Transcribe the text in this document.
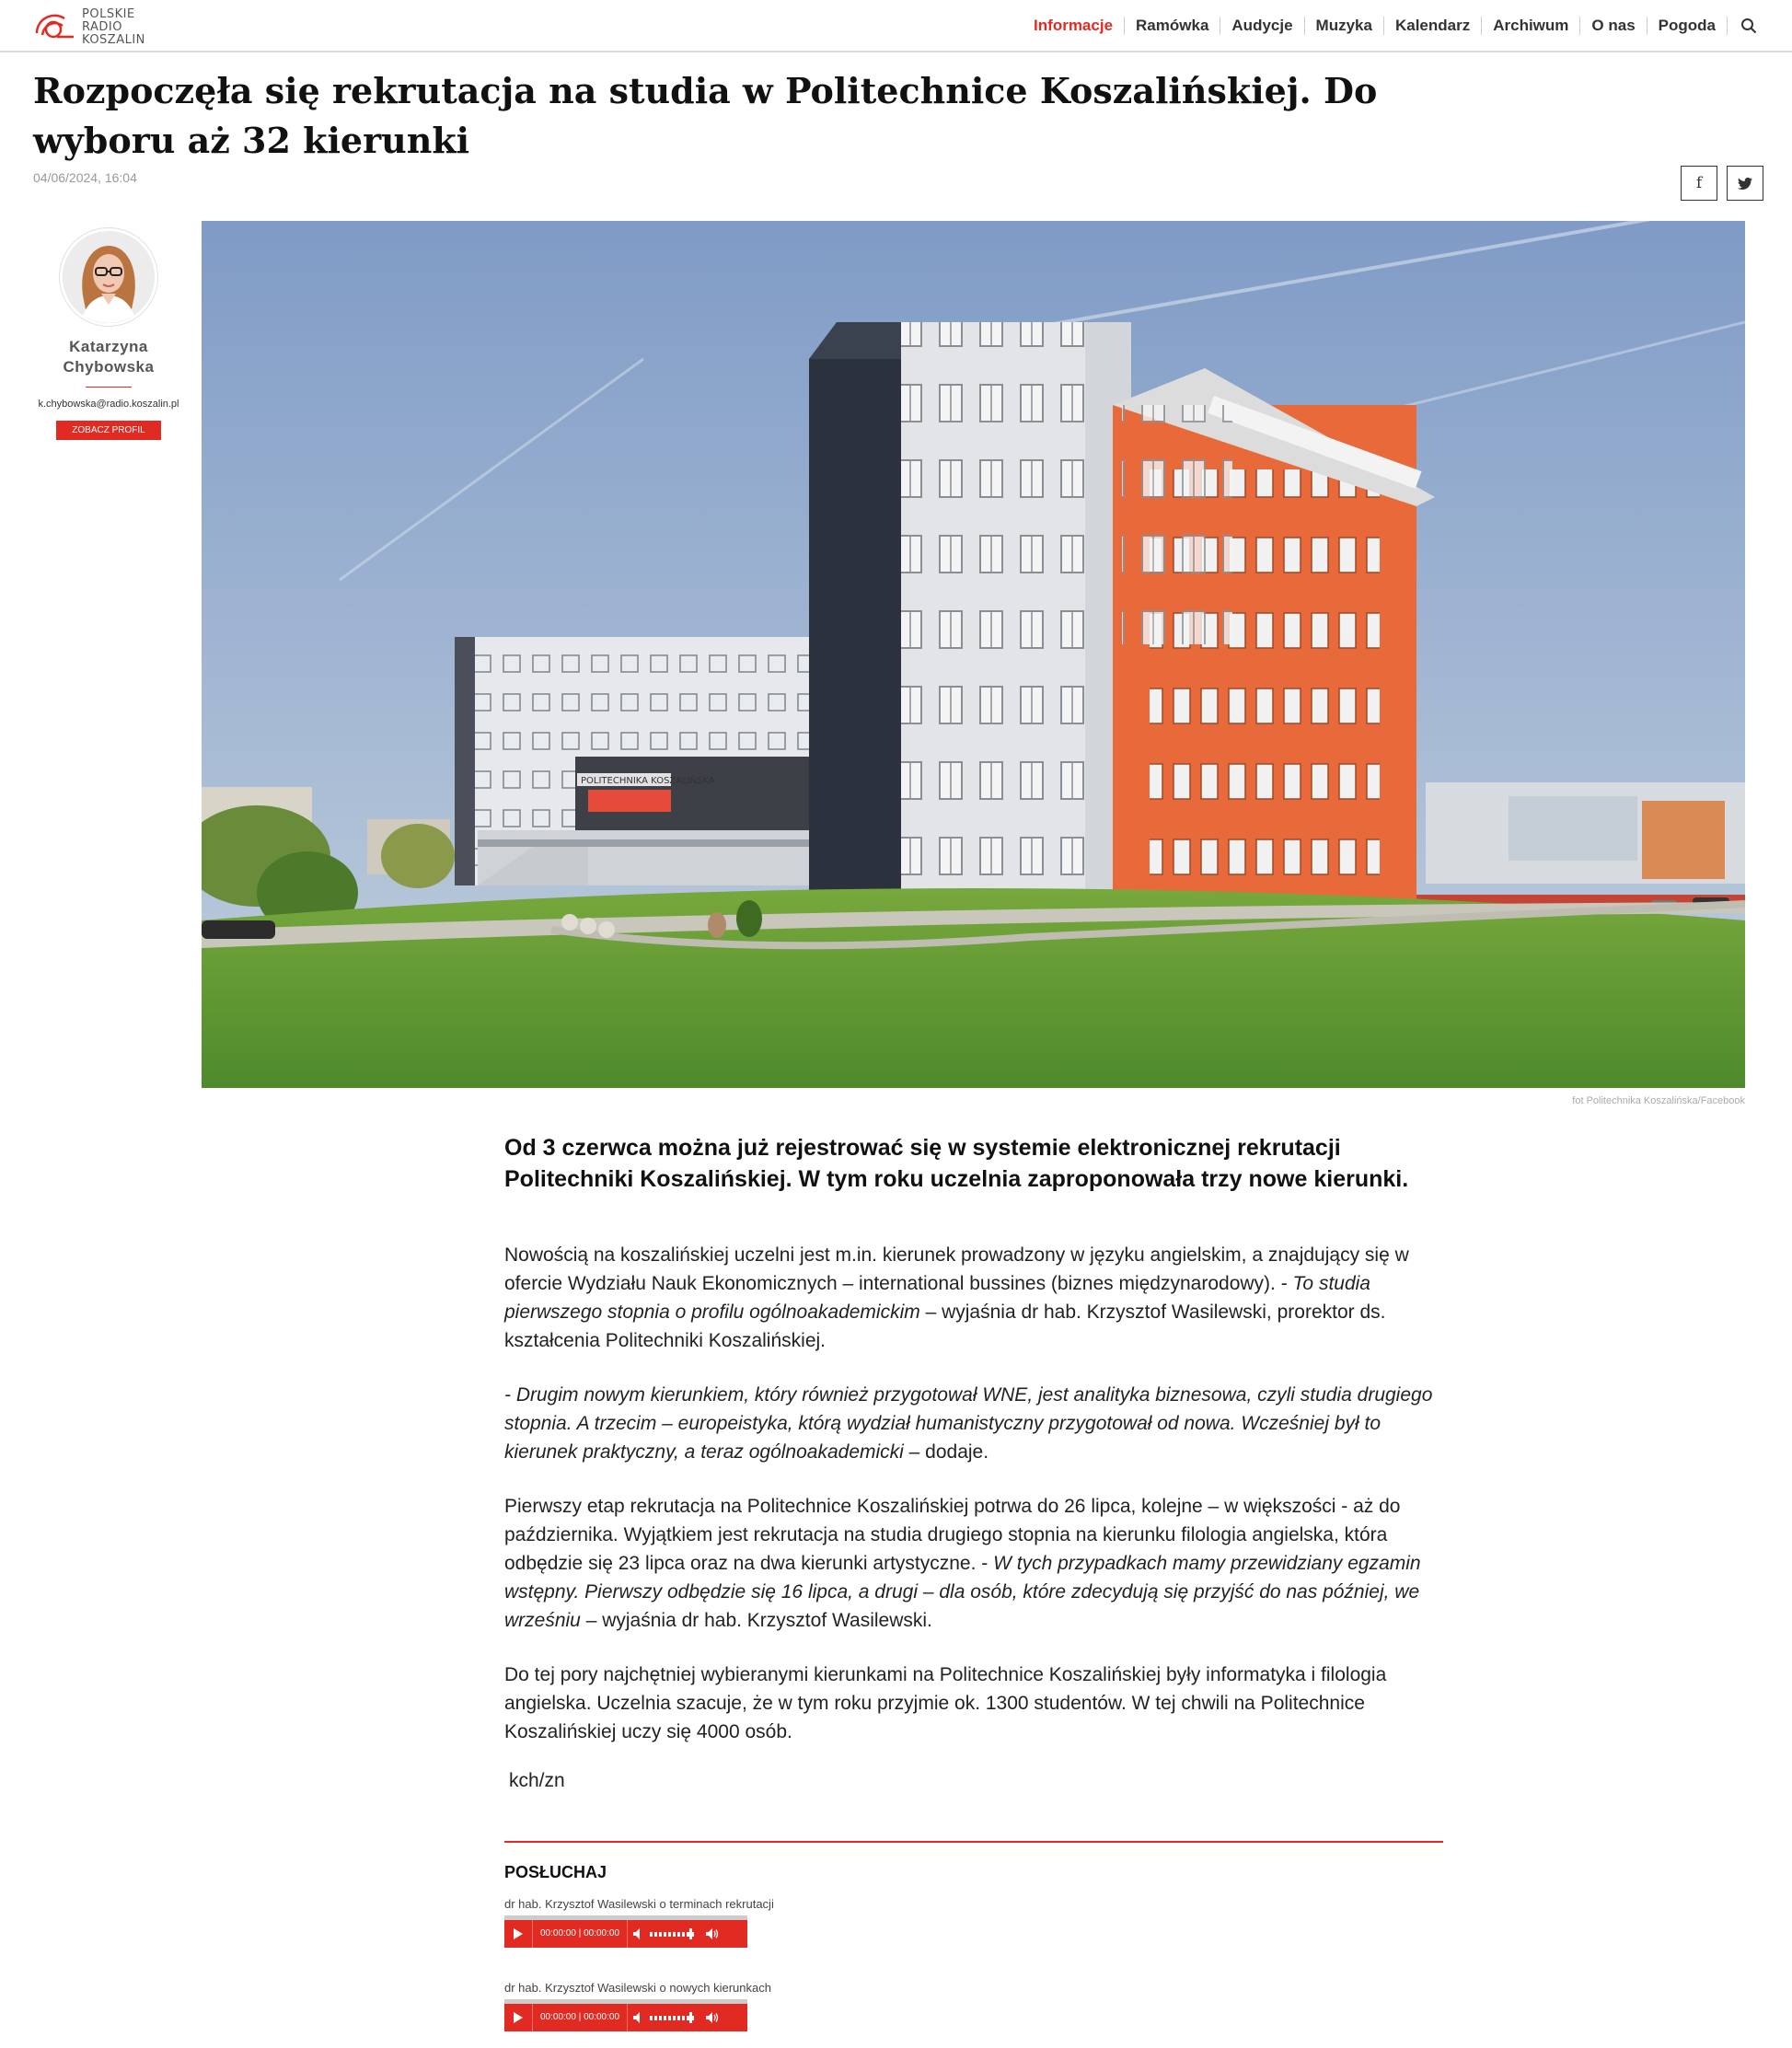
POLSKIE
RADIO
KOSZALIN
Informacje	Ramówka	Audycje	Muzyka	Kalendarz	Archiwum	O nas	Pogoda
Rozpoczęła się rekrutacja na studia w Politechnice Koszalińskiej. Do wyboru aż 32 kierunki
04/06/2024, 16:04	f
Katarzyna
Chybowska
k.chybowska@radio.koszalin.pl
ZOBACZ PROFIL
POLITECHNIKA KOSZALIŃSKA
fot Politechnika Koszalińska/Facebook

Od 3 czerwca można już rejestrować się w systemie elektronicznej rekrutacji Politechniki Koszalińskiej. W tym roku uczelnia zaproponowała trzy nowe kierunki.

Nowością na koszalińskiej uczelni jest m.in. kierunek prowadzony w języku angielskim, a znajdujący się w ofercie Wydziału Nauk Ekonomicznych – international bussines (biznes międzynarodowy). - To studia pierwszego stopnia o profilu ogólnoakademickim – wyjaśnia dr hab. Krzysztof Wasilewski, prorektor ds. kształcenia Politechniki Koszalińskiej.

- Drugim nowym kierunkiem, który również przygotował WNE, jest analityka biznesowa, czyli studia drugiego stopnia. A trzecim – europeistyka, którą wydział humanistyczny przygotował od nowa. Wcześniej był to kierunek praktyczny, a teraz ogólnoakademicki – dodaje.

Pierwszy etap rekrutacja na Politechnice Koszalińskiej potrwa do 26 lipca, kolejne – w większości - aż do października. Wyjątkiem jest rekrutacja na studia drugiego stopnia na kierunku filologia angielska, która odbędzie się 23 lipca oraz na dwa kierunki artystyczne. - W tych przypadkach mamy przewidziany egzamin wstępny. Pierwszy odbędzie się 16 lipca, a drugi – dla osób, które zdecydują się przyjść do nas później, we wrześniu – wyjaśnia dr hab. Krzysztof Wasilewski.

Do tej pory najchętniej wybieranymi kierunkami na Politechnice Koszalińskiej były informatyka i filologia angielska. Uczelnia szacuje, że w tym roku przyjmie ok. 1300 studentów. W tej chwili na Politechnice Koszalińskiej uczy się 4000 osób.

kch/zn
POSŁUCHAJ
dr hab. Krzysztof Wasilewski o terminach rekrutacji
00:00:00 | 00:00:00
dr hab. Krzysztof Wasilewski o nowych kierunkach
00:00:00 | 00:00:00
